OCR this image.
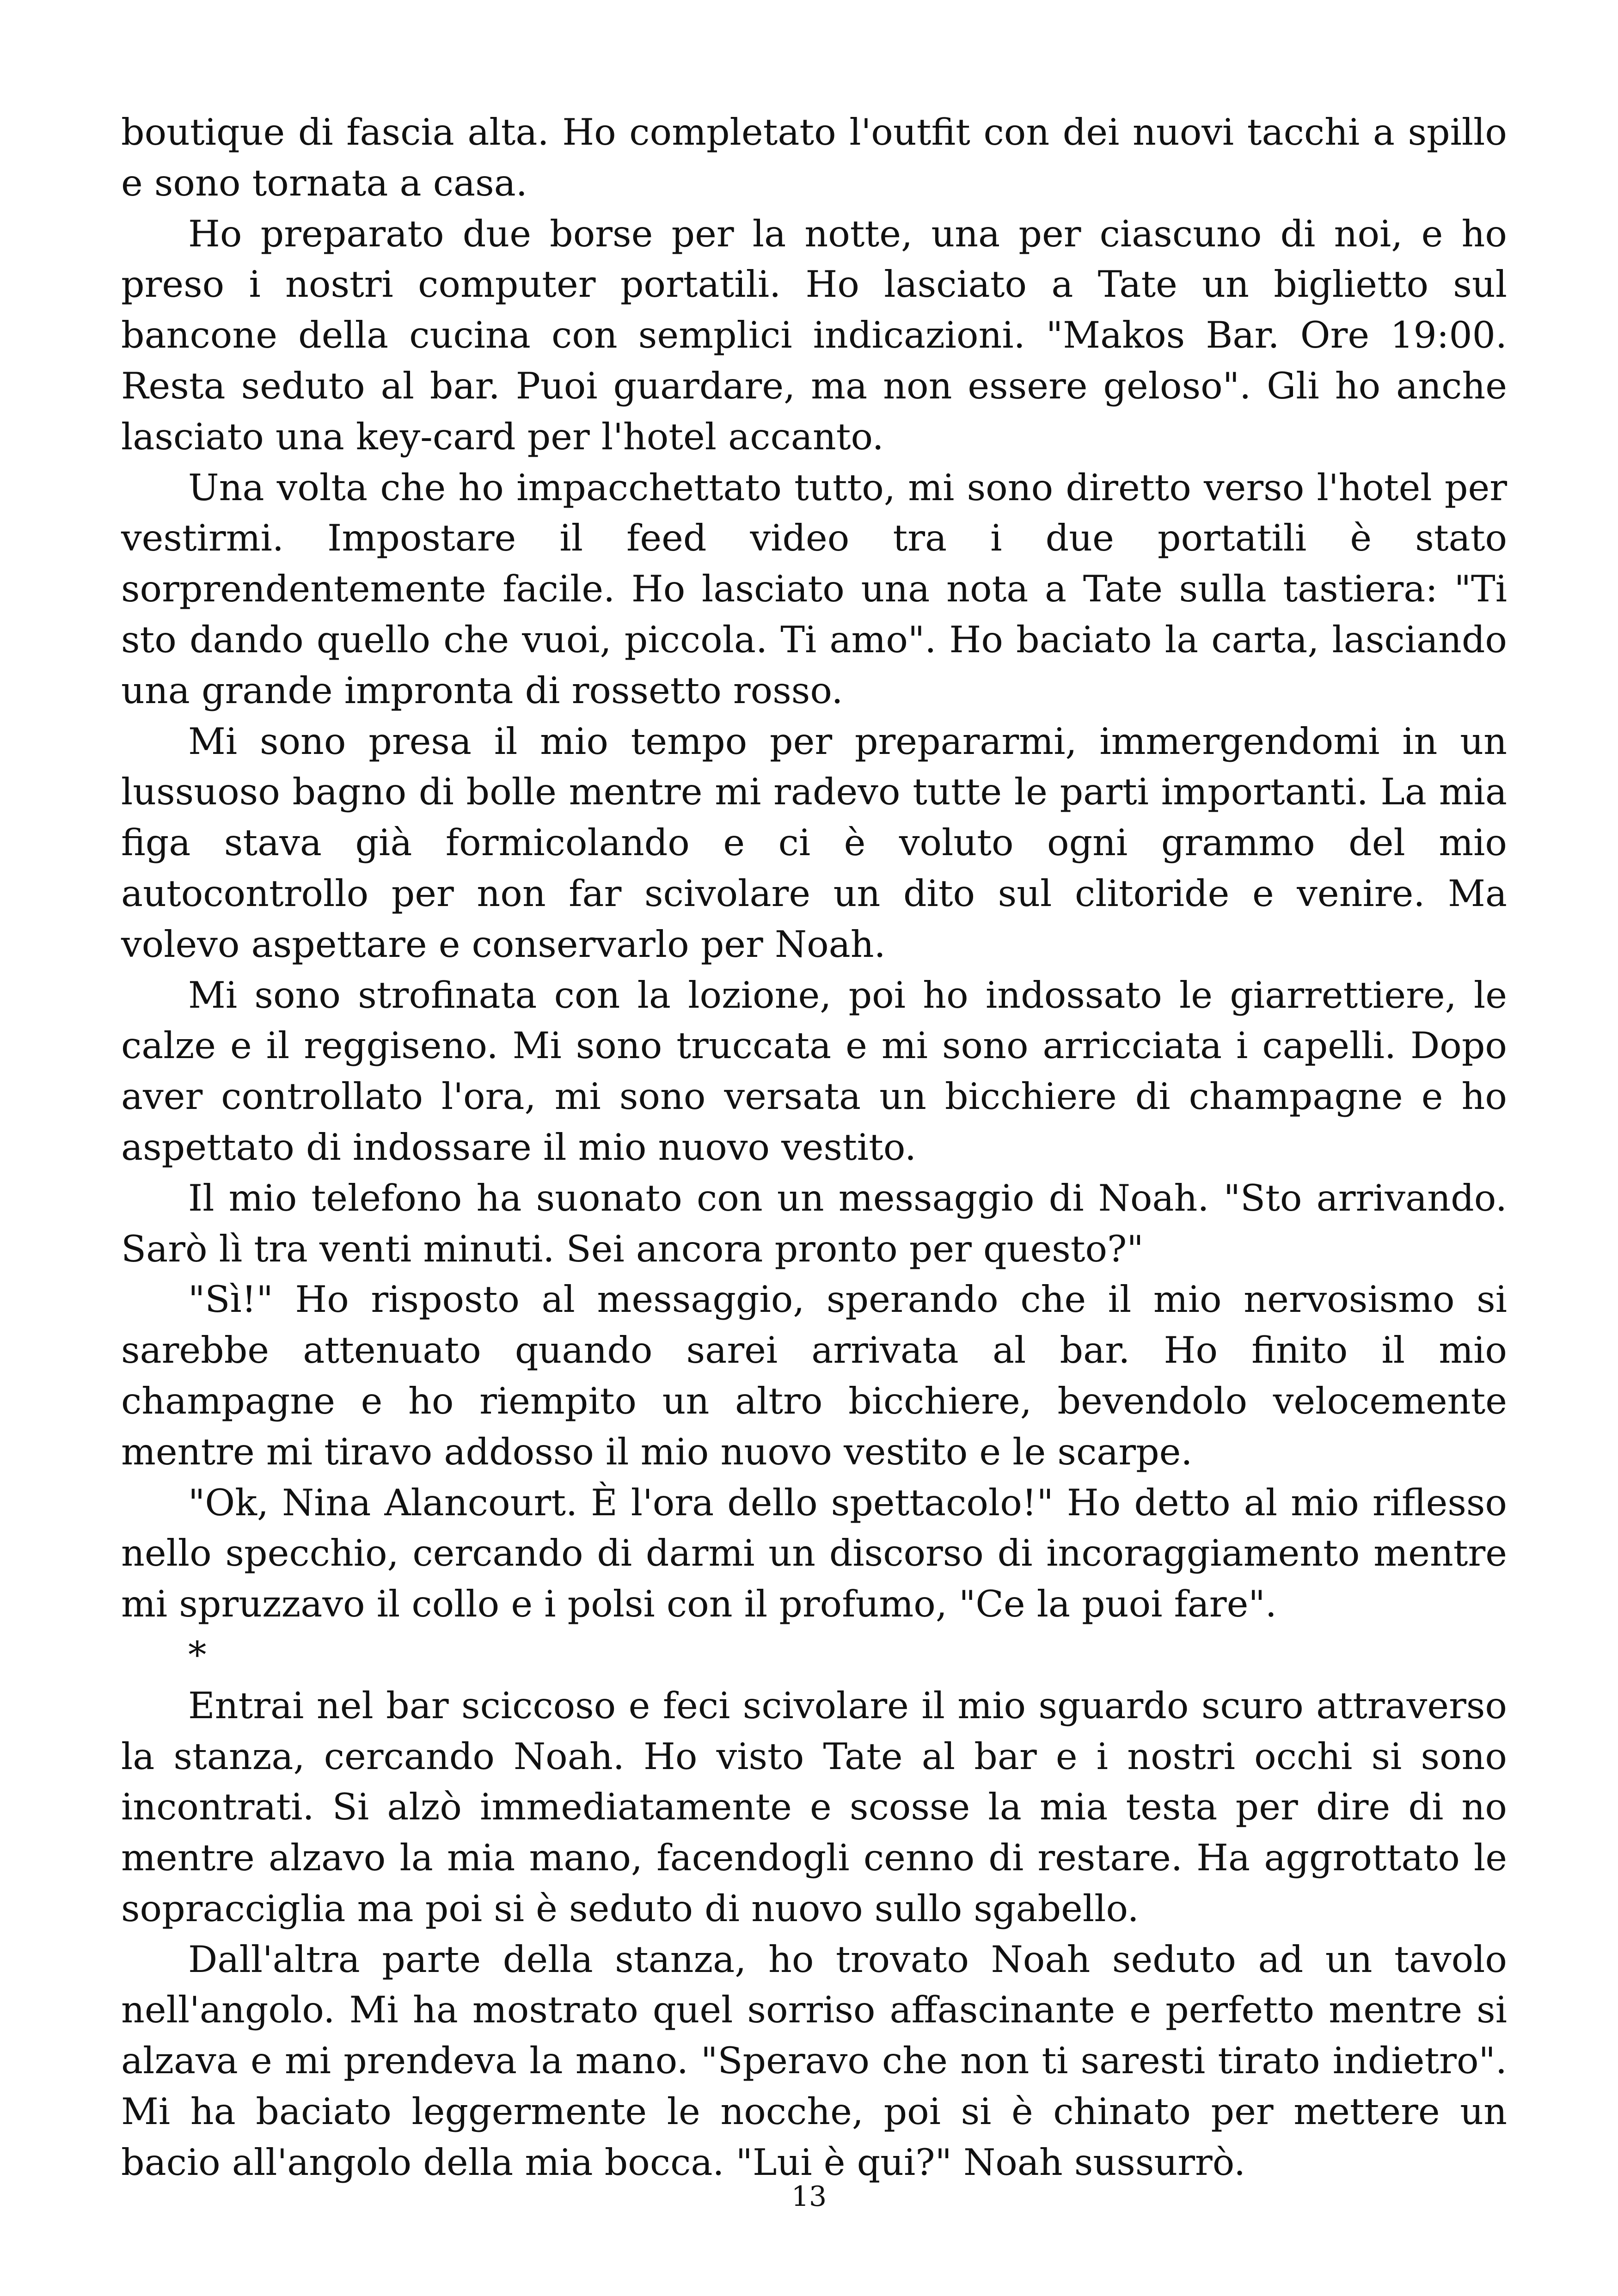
boutique di fascia alta. Ho completato l'outfit con dei nuovi tacchi a spillo e sono tornata a casa.

Ho preparato due borse per la notte, una per ciascuno di noi, e ho preso i nostri computer portatili. Ho lasciato a Tate un biglietto sul bancone della cucina con semplici indicazioni. "Makos Bar. Ore 19:00. Resta seduto al bar. Puoi guardare, ma non essere geloso". Gli ho anche lasciato una key-card per l'hotel accanto.

Una volta che ho impacchettato tutto, mi sono diretto verso l'hotel per vestirmi. Impostare il feed video tra i due portatili è stato sorprendentemente facile. Ho lasciato una nota a Tate sulla tastiera: "Ti sto dando quello che vuoi, piccola. Ti amo". Ho baciato la carta, lasciando una grande impronta di rossetto rosso.

Mi sono presa il mio tempo per prepararmi, immergendomi in un lussuoso bagno di bolle mentre mi radevo tutte le parti importanti. La mia figa stava già formicolando e ci è voluto ogni grammo del mio autocontrollo per non far scivolare un dito sul clitoride e venire. Ma volevo aspettare e conservarlo per Noah.

Mi sono strofinata con la lozione, poi ho indossato le giarrettiere, le calze e il reggiseno. Mi sono truccata e mi sono arricciata i capelli. Dopo aver controllato l'ora, mi sono versata un bicchiere di champagne e ho aspettato di indossare il mio nuovo vestito.

Il mio telefono ha suonato con un messaggio di Noah. "Sto arrivando. Sarò lì tra venti minuti. Sei ancora pronto per questo?"

"Sì!" Ho risposto al messaggio, sperando che il mio nervosismo si sarebbe attenuato quando sarei arrivata al bar. Ho finito il mio champagne e ho riempito un altro bicchiere, bevendolo velocemente mentre mi tiravo addosso il mio nuovo vestito e le scarpe.

"Ok, Nina Alancourt. È l'ora dello spettacolo!" Ho detto al mio riflesso nello specchio, cercando di darmi un discorso di incoraggiamento mentre mi spruzzavo il collo e i polsi con il profumo, "Ce la puoi fare".

*

Entrai nel bar sciccoso e feci scivolare il mio sguardo scuro attraverso la stanza, cercando Noah. Ho visto Tate al bar e i nostri occhi si sono incontrati. Si alzò immediatamente e scosse la mia testa per dire di no mentre alzavo la mia mano, facendogli cenno di restare. Ha aggrottato le sopracciglia ma poi si è seduto di nuovo sullo sgabello.

Dall'altra parte della stanza, ho trovato Noah seduto ad un tavolo nell'angolo. Mi ha mostrato quel sorriso affascinante e perfetto mentre si alzava e mi prendeva la mano. "Speravo che non ti saresti tirato indietro". Mi ha baciato leggermente le nocche, poi si è chinato per mettere un bacio all'angolo della mia bocca. "Lui è qui?" Noah sussurrò.

13
